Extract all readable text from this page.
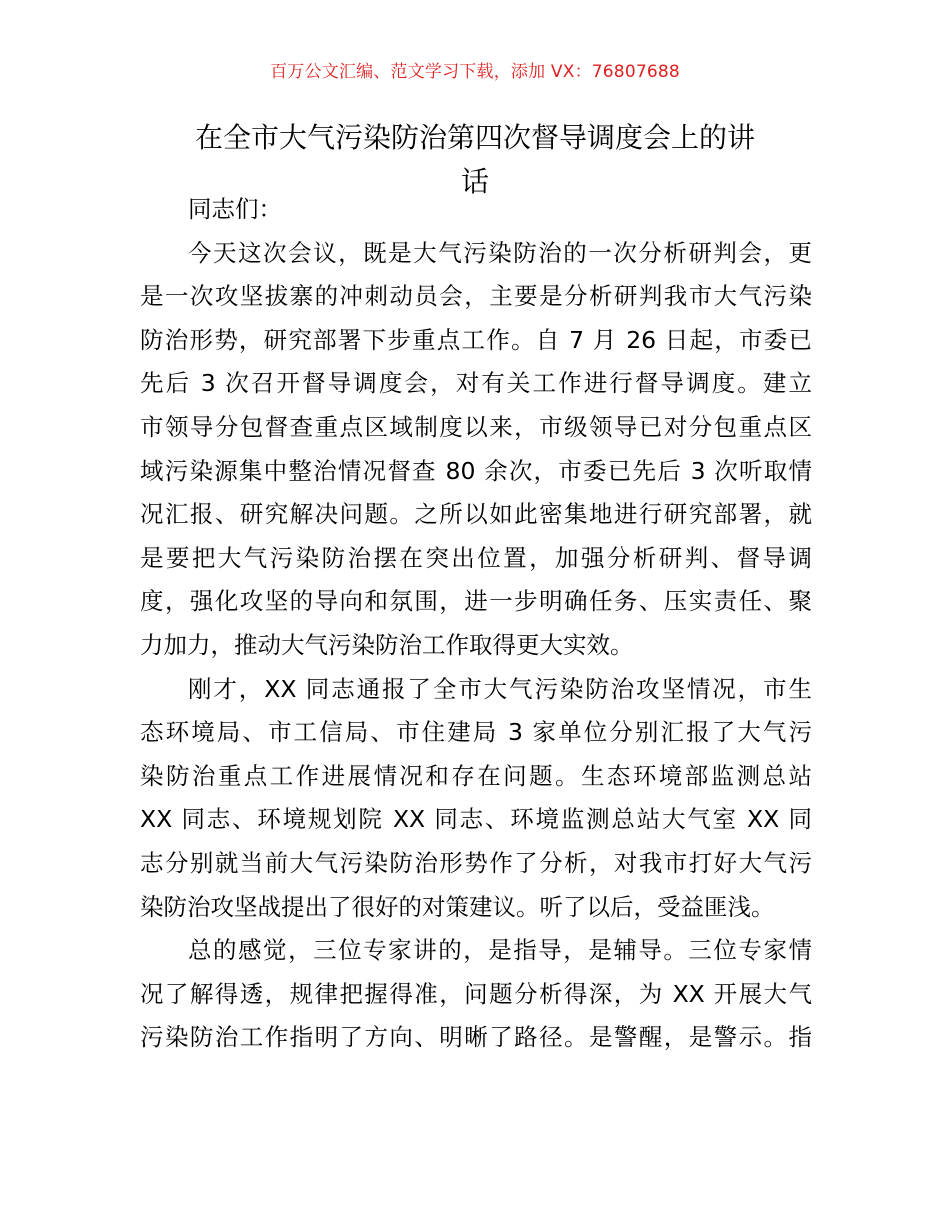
百万公文汇编、范文学习下载，添加 VX：76807688
在全市大气污染防治第四次督导调度会上的讲
话
同志们：
今天这次会议，既是大气污染防治的一次分析研判会，更
是一次攻坚拔寨的冲刺动员会，主要是分析研判我市大气污染
防治形势，研究部署下步重点工作。自 7 月 26 日起，市委已
先后 3 次召开督导调度会，对有关工作进行督导调度。建立
市领导分包督查重点区域制度以来，市级领导已对分包重点区
域污染源集中整治情况督查 80 余次，市委已先后 3 次听取情
况汇报、研究解决问题。之所以如此密集地进行研究部署，就
是要把大气污染防治摆在突出位置，加强分析研判、督导调
度，强化攻坚的导向和氛围，进一步明确任务、压实责任、聚
力加力，推动大气污染防治工作取得更大实效。
刚才，XX 同志通报了全市大气污染防治攻坚情况，市生
态环境局、市工信局、市住建局 3 家单位分别汇报了大气污
染防治重点工作进展情况和存在问题。生态环境部监测总站
XX 同志、环境规划院 XX 同志、环境监测总站大气室 XX 同
志分别就当前大气污染防治形势作了分析，对我市打好大气污
染防治攻坚战提出了很好的对策建议。听了以后，受益匪浅。
总的感觉，三位专家讲的，是指导，是辅导。三位专家情
况了解得透，规律把握得准，问题分析得深，为 XX 开展大气
污染防治工作指明了方向、明晰了路径。是警醒，是警示。指
